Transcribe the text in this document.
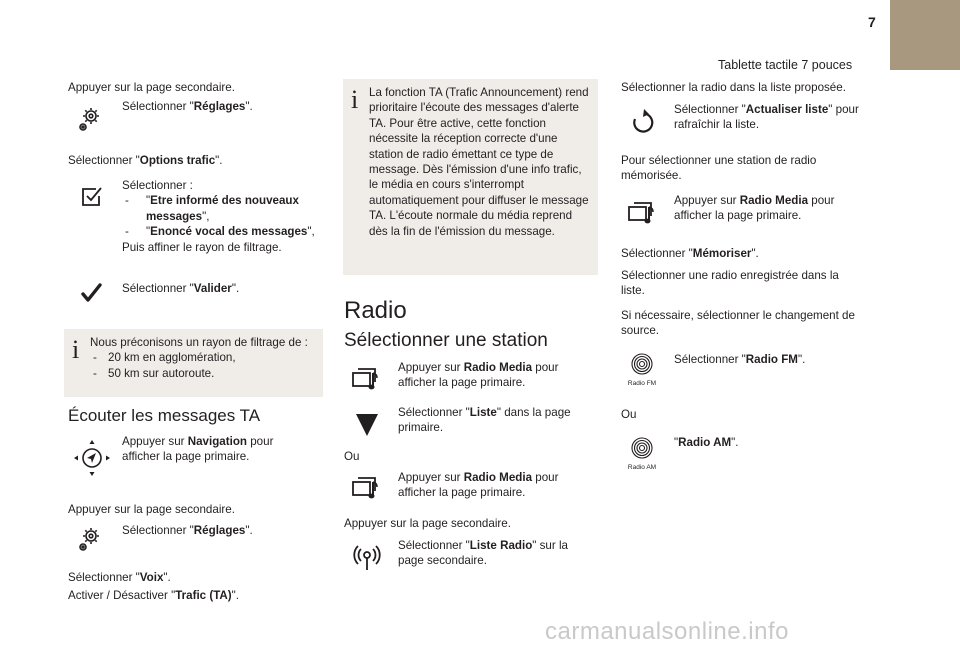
7
Tablette tactile 7 pouces
Appuyer sur la page secondaire.
Sélectionner "Réglages".
Sélectionner "Options trafic".
Sélectionner :
- "Etre informé des nouveaux messages",
- "Enoncé vocal des messages",
Puis affiner le rayon de filtrage.
Sélectionner "Valider".
i Nous préconisons un rayon de filtrage de :
- 20 km en agglomération,
- 50 km sur autoroute.
Écouter les messages TA
Appuyer sur Navigation pour afficher la page primaire.
Appuyer sur la page secondaire.
Sélectionner "Réglages".
Sélectionner "Voix".
Activer / Désactiver "Trafic (TA)".
i La fonction TA (Trafic Announcement) rend prioritaire l'écoute des messages d'alerte TA. Pour être active, cette fonction nécessite la réception correcte d'une station de radio émettant ce type de message. Dès l'émission d'une info trafic, le média en cours s'interrompt automatiquement pour diffuser le message TA. L'écoute normale du média reprend dès la fin de l'émission du message.
Radio
Sélectionner une station
Appuyer sur Radio Media pour afficher la page primaire.
Sélectionner "Liste" dans la page primaire.
Ou
Appuyer sur Radio Media pour afficher la page primaire.
Appuyer sur la page secondaire.
Sélectionner "Liste Radio" sur la page secondaire.
Sélectionner la radio dans la liste proposée.
Sélectionner "Actualiser liste" pour rafraîchir la liste.
Pour sélectionner une station de radio mémorisée.
Appuyer sur Radio Media pour afficher la page primaire.
Sélectionner "Mémoriser".
Sélectionner une radio enregistrée dans la liste.
Si nécessaire, sélectionner le changement de source.
Radio FM
Sélectionner "Radio FM".
Ou
Radio AM
"Radio AM".
carmanualsonline.info
